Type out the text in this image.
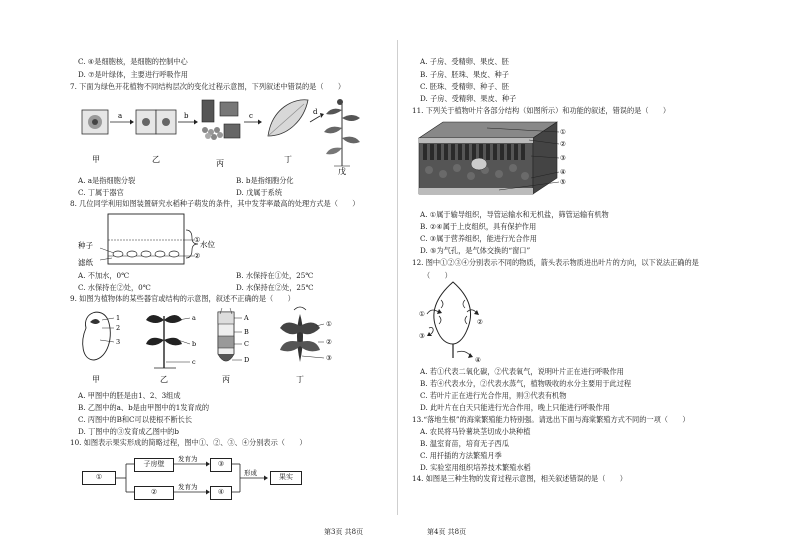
C. ④是细胞核，是细胞的控制中心
D. ⑦是叶绿体，主要进行呼吸作用
7. 下面为绿色开花植物不同结构层次的变化过程示意图，下列叙述中错误的是（　　）
a	b	c	d
甲	乙	丙	丁
戊
A. a是指细胞分裂	B. b是指细胞分化
C. 丁属于器官	D. 戊属于系统
8. 几位同学利用如图装置研究水稻种子萌发的条件，其中发芽率最高的处理方式是（　　）
种子
滤纸
水位
①
②
A. 不加水，0℃	B. 水保持在①处，25℃
C. 水保持在②处，0℃	D. 水保持在②处，25℃
9. 如图为植物体的某些器官或结构的示意图，叙述不正确的是（　　）
1
2
3
a
b
c
A
B
C
D
①
②
③
甲	乙	丙	丁
A. 甲图中的胚是由1、2、3组成
B. 乙图中的a、b是由甲图中的1发育成的
C. 丙图中的B和C可以使根不断长长
D. 丁图中的③发育成乙图中的b
10. 如图表示果实形成的简略过程，图中①、②、③、④分别表示（　　）
发育为
发育为
形成
①
子房壁
②
③
④
果实
第3页 共8页
A. 子房、受精卵、果皮、胚
B. 子房、胚珠、果皮、种子
C. 胚珠、受精卵、种子、胚
D. 子房、受精卵、果皮、种子
11. 下列关于植物叶片各部分结构（如图所示）和功能的叙述，错误的是（　　）
①
②
③
④
⑤
A. ①属于输导组织，导管运输水和无机盐，筛管运输有机物
B. ②④属于上皮组织，具有保护作用
C. ③属于营养组织，能进行光合作用
D. ⑤为气孔，是气体交换的“窗口”
12. 图中①②③④分别表示不同的物质，箭头表示物质进出叶片的方向，以下说法正确的是
（　　）
①
②
③
④
A. 若①代表二氧化碳，②代表氧气，说明叶片正在进行呼吸作用
B. 若④代表水分，②代表水蒸气，植物吸收的水分主要用于此过程
C. 若叶片正在进行光合作用，则③代表有机物
D. 此叶片在白天只能进行光合作用，晚上只能进行呼吸作用
13.“落地生根”的海棠繁殖能力特别强。请选出下面与海棠繁殖方式不同的一项（　　）
A. 农民将马铃薯块茎切成小块种植
B. 温室育苗，培育无子西瓜
C. 用扦插的方法繁殖月季
D. 实验室用组织培养技术繁殖水稻
14. 如图是三种生物的发育过程示意图，相关叙述错误的是（　　）
第4页 共8页
